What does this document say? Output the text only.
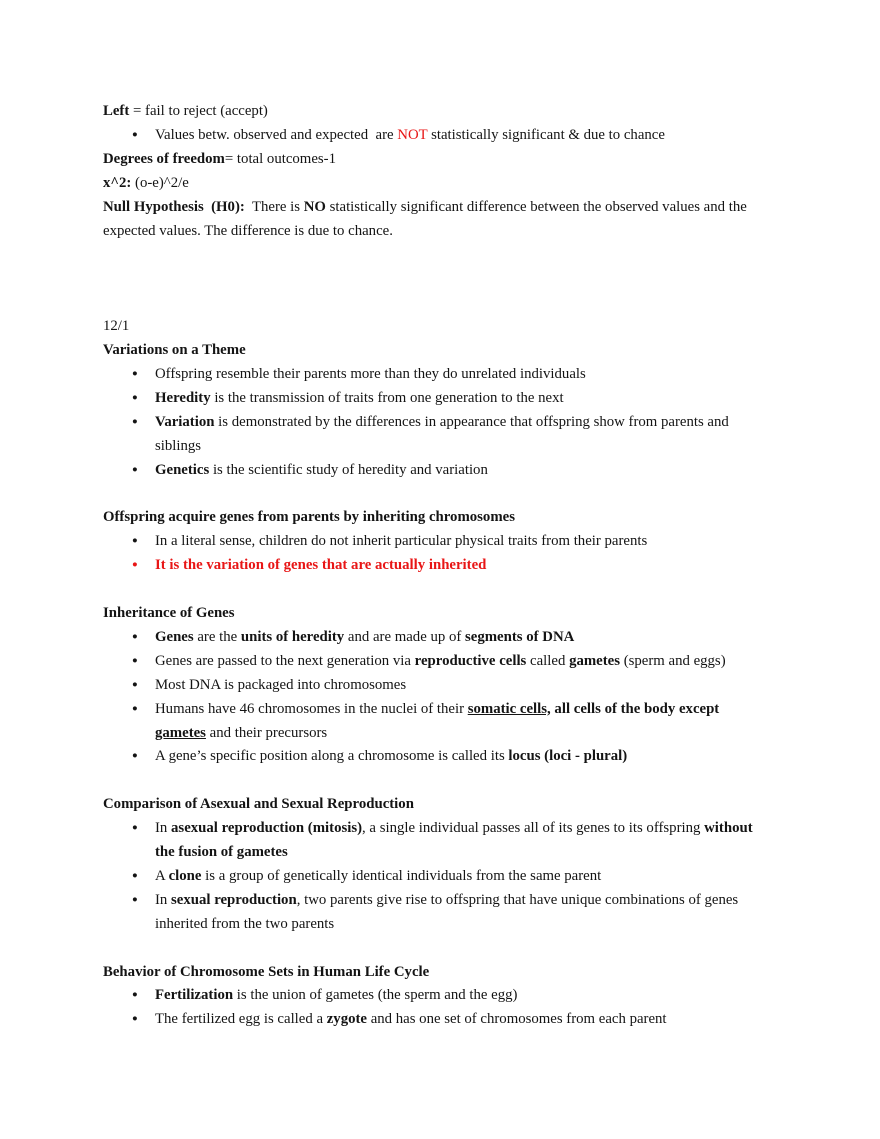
Left = fail to reject (accept)
● Values betw. observed and expected  are NOT statistically significant & due to chance
Degrees of freedom= total outcomes-1
x^2: (o-e)^2/e
Null Hypothesis  (H0):  There is NO statistically significant difference between the observed values and the
expected values. The difference is due to chance.
12/1
Variations on a Theme
● Offspring resemble their parents more than they do unrelated individuals
● Heredity is the transmission of traits from one generation to the next
● Variation is demonstrated by the differences in appearance that offspring show from parents and
siblings
● Genetics is the scientific study of heredity and variation
Offspring acquire genes from parents by inheriting chromosomes
● In a literal sense, children do not inherit particular physical traits from their parents
● It is the variation of genes that are actually inherited
Inheritance of Genes
● Genes are the units of heredity and are made up of segments of DNA
● Genes are passed to the next generation via reproductive cells called gametes (sperm and eggs)
● Most DNA is packaged into chromosomes
● Humans have 46 chromosomes in the nuclei of their somatic cells, all cells of the body except
gametes and their precursors
● A gene’s specific position along a chromosome is called its locus (loci - plural)
Comparison of Asexual and Sexual Reproduction
● In asexual reproduction (mitosis), a single individual passes all of its genes to its offspring without
the fusion of gametes
● A clone is a group of genetically identical individuals from the same parent
● In sexual reproduction, two parents give rise to offspring that have unique combinations of genes
inherited from the two parents
Behavior of Chromosome Sets in Human Life Cycle
● Fertilization is the union of gametes (the sperm and the egg)
● The fertilized egg is called a zygote and has one set of chromosomes from each parent
